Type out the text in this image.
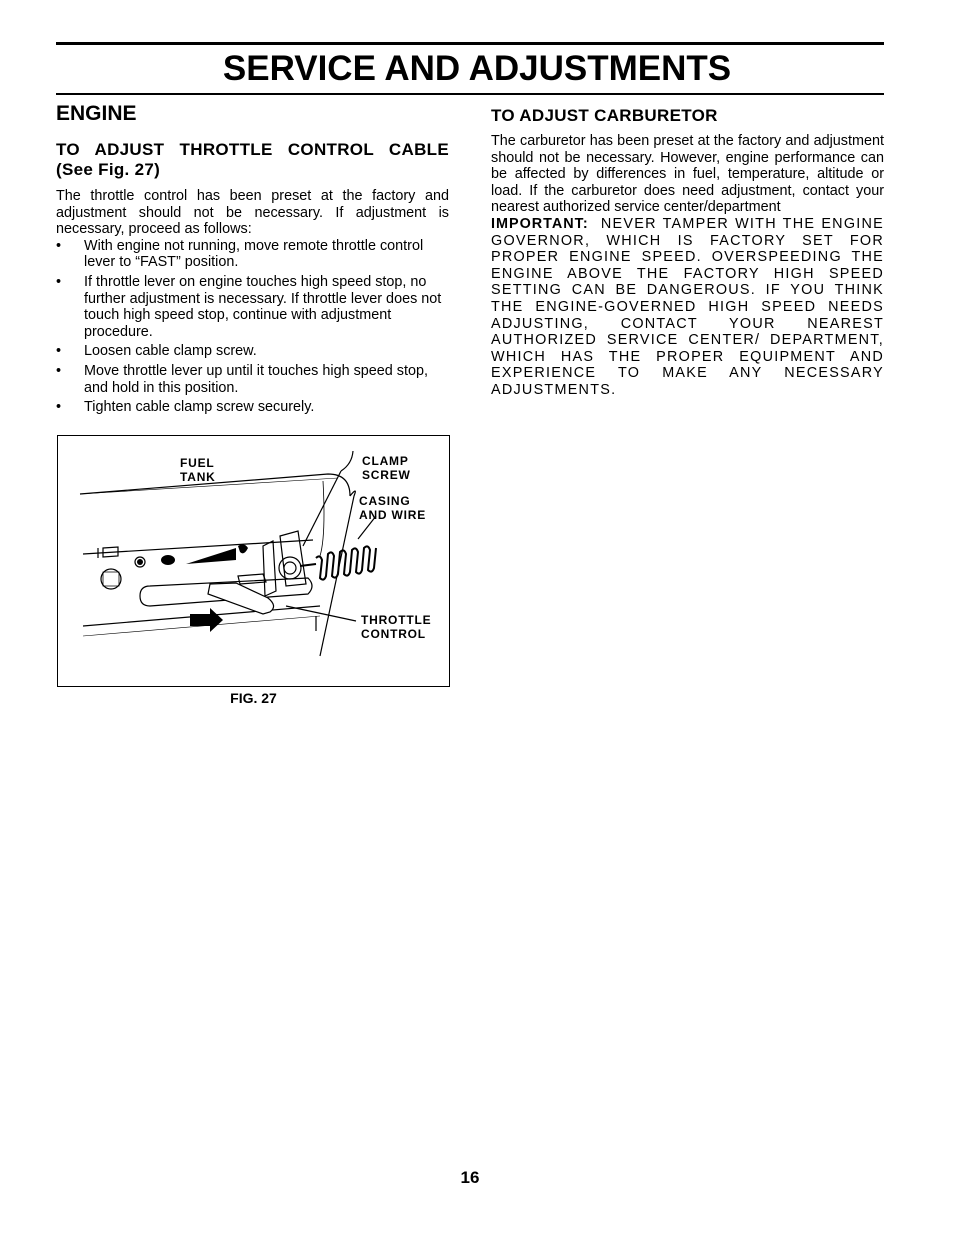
SERVICE AND ADJUSTMENTS
ENGINE
TO ADJUST THROTTLE CONTROL CABLE
(See Fig. 27)

The throttle control has been preset at the factory and adjustment should not be necessary. If adjustment is necessary, proceed as follows:

• With engine not running, move remote throttle control lever to “FAST” position.
• If throttle lever on engine touches high speed stop, no further adjustment is necessary. If throttle lever does not touch high speed stop, continue with adjustment procedure.
• Loosen cable clamp screw.
• Move throttle lever up until it touches high speed stop, and hold in this position.
• Tighten cable clamp screw securely.
FUEL
TANK
CLAMP
SCREW
CASING
AND WIRE
THROTTLE
CONTROL
FIG. 27
TO ADJUST CARBURETOR

The carburetor has been preset at the factory and adjustment should not be necessary. However, engine performance can be affected by differences in fuel, temperature, altitude or load. If the carburetor does need adjustment, contact your nearest authorized service center/department

IMPORTANT: NEVER TAMPER WITH THE ENGINE GOVERNOR, WHICH IS FACTORY SET FOR PROPER ENGINE SPEED. OVERSPEEDING THE ENGINE ABOVE THE FACTORY HIGH SPEED SETTING CAN BE DANGEROUS. IF YOU THINK THE ENGINE-GOVERNED HIGH SPEED NEEDS ADJUSTING, CONTACT YOUR NEAREST AUTHORIZED SERVICE CENTER/ DEPARTMENT, WHICH HAS THE PROPER EQUIPMENT AND EXPERIENCE TO MAKE ANY NECESSARY ADJUSTMENTS.

16
